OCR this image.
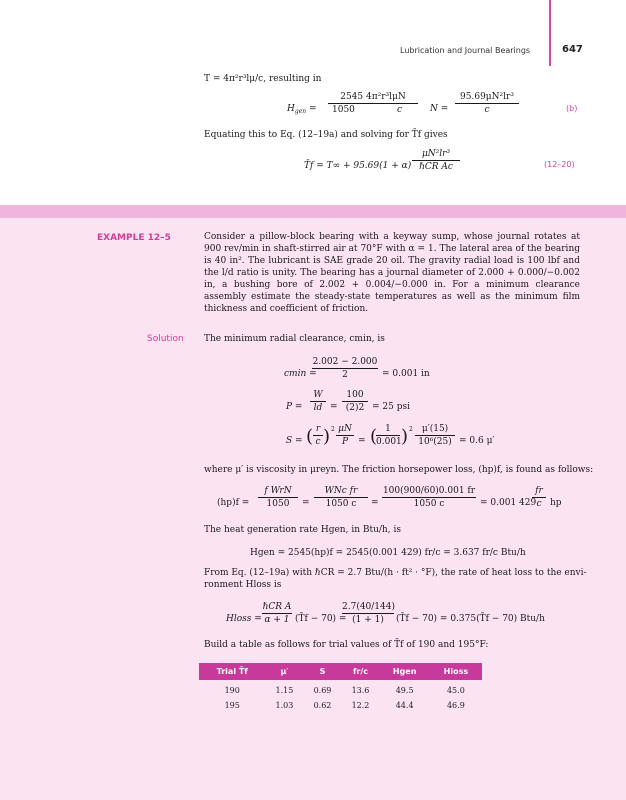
Lubrication and Journal Bearings	647
T = 4π²r³lμ/c, resulting in
$H_{gen}$ =
2545 4π²r³lμN
1050	c	N =
95.69μN²lr³
c	(b)
Equating this to Eq. (12–19a) and solving for T̄f gives
T̄f = T∞ + 95.69(1 + α)
μN²lr³
ℏCR Ac	(12–20)
EXAMPLE 12–5	Consider a pillow-block bearing with a keyway sump, whose journal rotates at 900 rev/min in shaft-stirred air at 70°F with α = 1. The lateral area of the bearing is 40 in². The lubricant is SAE grade 20 oil. The gravity radial load is 100 lbf and the l/d ratio is unity. The bearing has a journal diameter of 2.000 + 0.000/−0.002 in, a bushing bore of 2.002 + 0.004/−0.000 in. For a minimum clearance assembly estimate the steady-state temperatures as well as the minimum film thickness and coefficient of friction.
Solution The minimum radial clearance, cmin, is
cmin =
2.002 − 2.000
2	= 0.001 in
P =
W
ld =
100
(2)2 = 25 psi
S = ( r
c ) 2 μN
P	= ( 1
0.001 ) 2 μ′(15)
10⁶(25) = 0.6 μ′
where μ′ is viscosity in μreyn. The friction horsepower loss, (hp)f, is found as follows:
(hp)f =
f WrN
1050	=
WNc fr
1050 c	=
100(900/60)0.001 fr
1050 c	= 0.001 429
fr
c hp
The heat generation rate Hgen, in Btu/h, is
Hgen = 2545(hp)f = 2545(0.001 429) fr/c = 3.637 fr/c Btu/h
From Eq. (12–19a) with ℏCR = 2.7 Btu/(h · ft² · °F), the rate of heat loss to the envi-
ronment Hloss is
Hloss =
ℏCR A
α + 1 (T̄f − 70) =
2.7(40/144)
(1 + 1)	(T̄f − 70) = 0.375(T̄f − 70) Btu/h
Build a table as follows for trial values of T̄f of 190 and 195°F:
Trial T̄f	μ′	S	fr/c	Hgen	Hloss
190	1.15	0.69	13.6	49.5	45.0
195	1.03	0.62	12.2	44.4	46.9
